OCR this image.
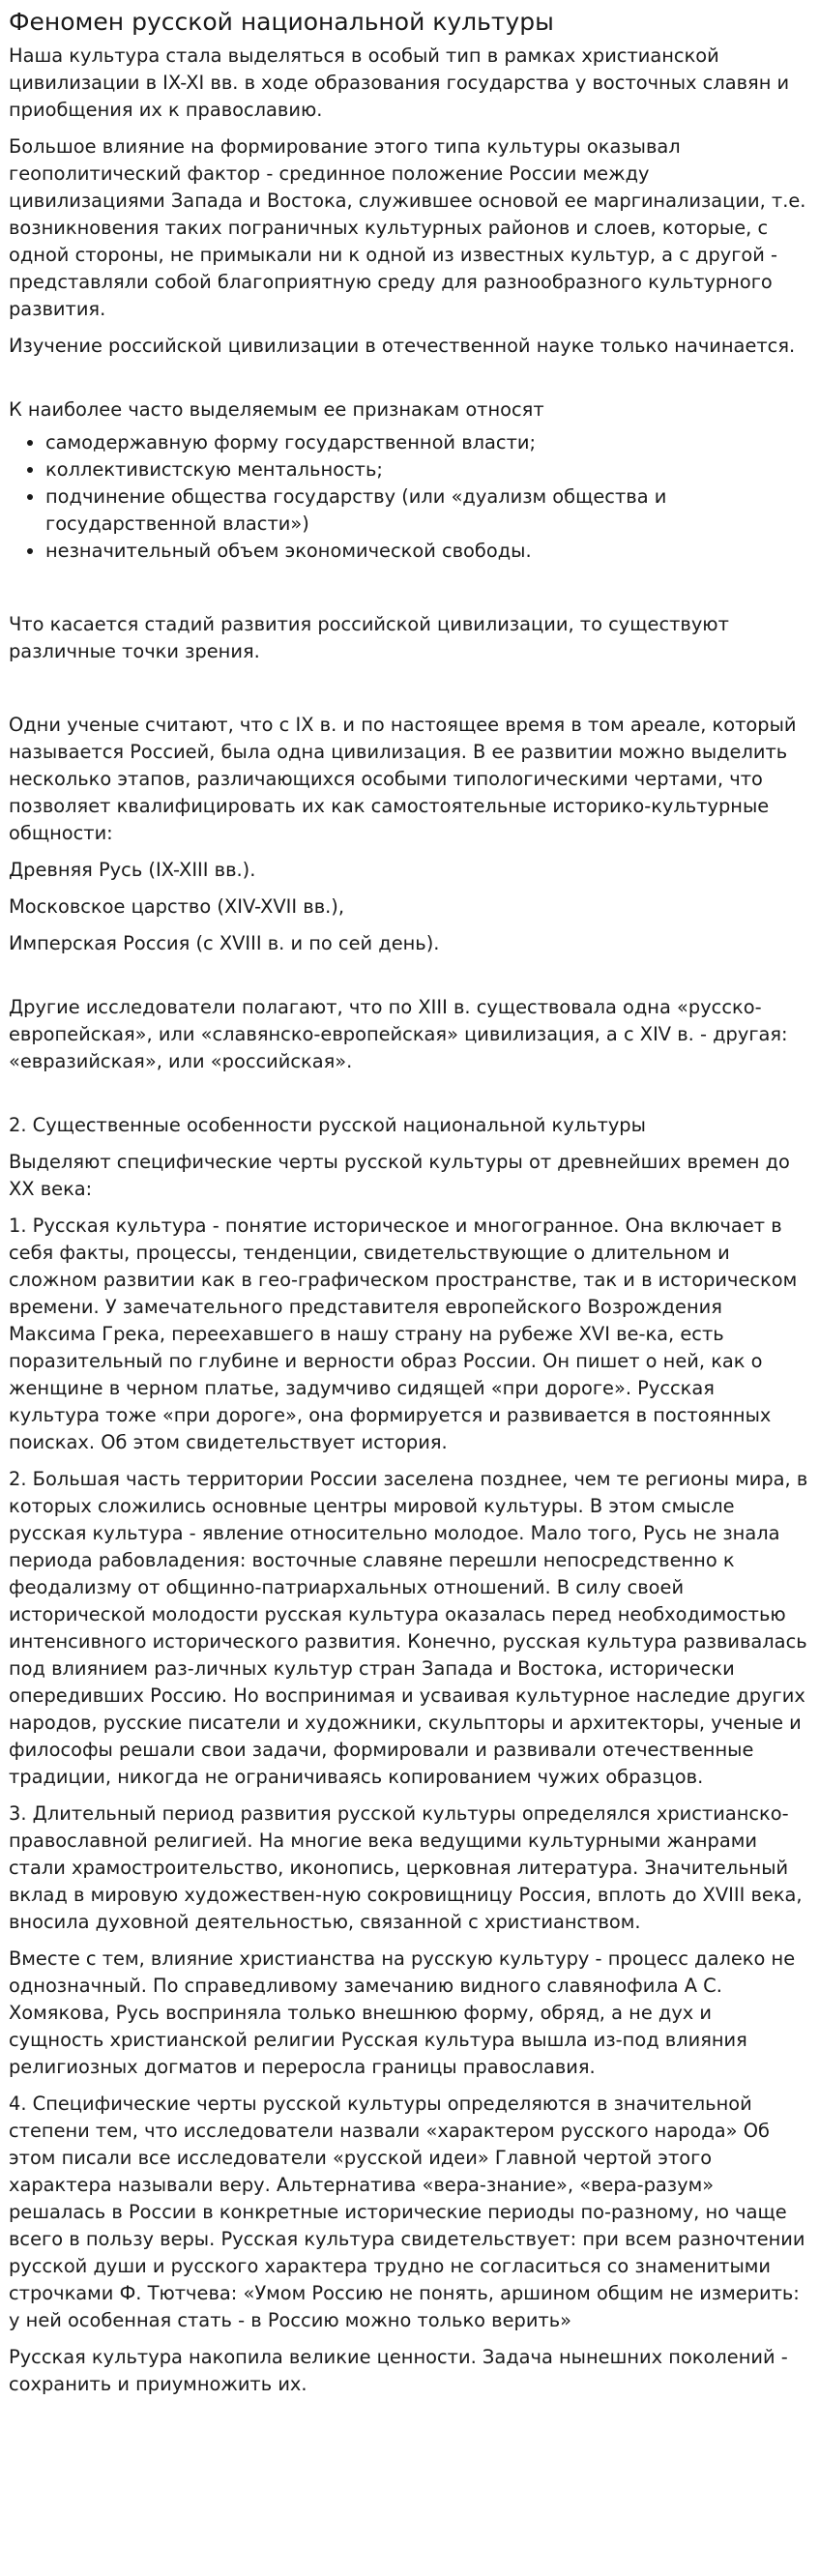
Феномен русской национальной культуры

Наша культура стала выделяться в особый тип в рамках христианской цивилизации в IX-XI вв. в ходе образования государства у восточных славян и приобщения их к православию.

Большое влияние на формирование этого типа культуры оказывал геополитический фактор - срединное положение России между цивилизациями Запада и Востока, служившее основой ее маргинализации, т.е. возникновения таких пограничных культурных районов и слоев, которые, с одной стороны, не примыкали ни к одной из известных культур, а с другой - представляли собой благоприятную среду для разнообразного культурного развития.

Изучение российской цивилизации в отечественной науке только начинается.

К наиболее часто выделяемым ее признакам относят

• самодержавную форму государственной власти;
• коллективистскую ментальность;
• подчинение общества государству (или «дуализм общества и государственной власти»)
• незначительный объем экономической свободы.

Что касается стадий развития российской цивилизации, то существуют различные точки зрения.

Одни ученые считают, что с IX в. и по настоящее время в том ареале, который называется Россией, была одна цивилизация. В ее развитии можно выделить несколько этапов, различающихся особыми типологическими чертами, что позволяет квалифицировать их как самостоятельные историко-культурные общности:

Древняя Русь (IX-XIII вв.).

Московское царство (XIV-XVII вв.),

Имперская Россия (с XVIII в. и по сей день).

Другие исследователи полагают, что по XIII в. существовала одна «русско-европейская», или «славянско-европейская» цивилизация, а с XIV в. - другая: «евразийская», или «российская».

2. Существенные особенности русской национальной культуры

Выделяют специфические черты русской культуры от древнейших времен до XX века:

1. Русская культура - понятие историческое и многогранное. Она включает в себя факты, процессы, тенденции, свидетельствующие о длительном и сложном развитии как в гео-графическом пространстве, так и в историческом времени. У замечательного представителя европейского Возрождения Максима Грека, переехавшего в нашу страну на рубеже XVI ве-ка, есть поразительный по глубине и верности образ России. Он пишет о ней, как о женщине в черном платье, задумчиво сидящей «при дороге». Русская культура тоже «при дороге», она формируется и развивается в постоянных поисках. Об этом свидетельствует история.

2. Большая часть территории России заселена позднее, чем те регионы мира, в которых сложились основные центры мировой культуры. В этом смысле русская культура - явление относительно молодое. Мало того, Русь не знала периода рабовладения: восточные славяне перешли непосредственно к феодализму от общинно-патриархальных отношений. В силу своей исторической молодости русская культура оказалась перед необходимостью интенсивного исторического развития. Конечно, русская культура развивалась под влиянием раз-личных культур стран Запада и Востока, исторически опередивших Россию. Но воспринимая и усваивая культурное наследие других народов, русские писатели и художники, скульпторы и архитекторы, ученые и философы решали свои задачи, формировали и развивали отечественные традиции, никогда не ограничиваясь копированием чужих образцов.

3. Длительный период развития русской культуры определялся христианско-православной религией. На многие века ведущими культурными жанрами стали храмостроительство, иконопись, церковная литература. Значительный вклад в мировую художествен-ную сокровищницу Россия, вплоть до XVIII века, вносила духовной деятельностью, связанной с христианством.

Вместе с тем, влияние христианства на русскую культуру - процесс далеко не однозначный. По справедливому замечанию видного славянофила А С. Хомякова, Русь восприняла только внешнюю форму, обряд, а не дух и сущность христианской религии Русская культура вышла из-под влияния религиозных догматов и переросла границы православия.

4. Специфические черты русской культуры определяются в значительной степени тем, что исследователи назвали «характером русского народа» Об этом писали все исследователи «русской идеи» Главной чертой этого характера называли веру. Альтернатива «вера-знание», «вера-разум» решалась в России в конкретные исторические периоды по-разному, но чаще всего в пользу веры. Русская культура свидетельствует: при всем разночтении русской души и русского характера трудно не согласиться со знаменитыми строчками Ф. Тютчева: «Умом Россию не понять, аршином общим не измерить: у ней особенная стать - в Россию можно только верить»

Русская культура накопила великие ценности. Задача нынешних поколений - сохранить и приумножить их.
